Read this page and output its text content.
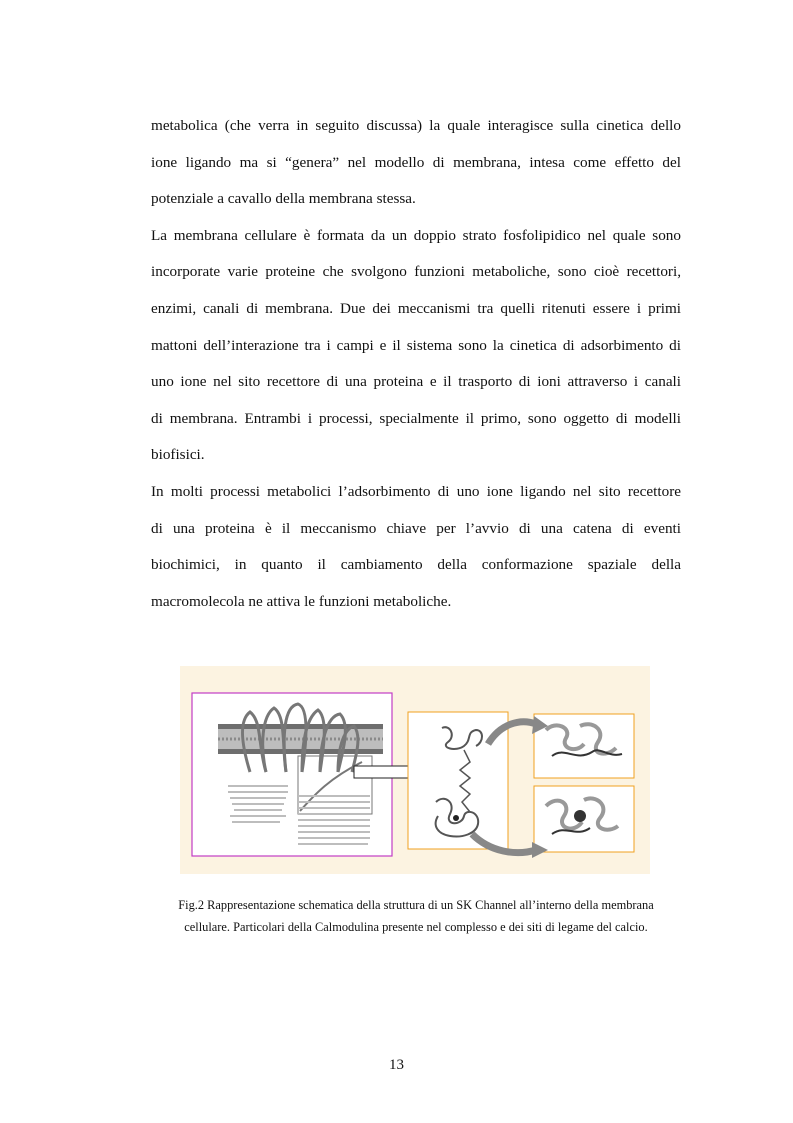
metabolica (che verra in seguito discussa) la quale interagisce sulla cinetica dello
ione ligando ma si “genera” nel modello di membrana, intesa come effetto del
potenziale a cavallo della membrana stessa.
La membrana cellulare è formata da un doppio strato fosfolipidico nel quale sono
incorporate varie proteine che svolgono funzioni metaboliche, sono cioè recettori,
enzimi, canali di membrana. Due dei meccanismi tra quelli ritenuti essere i primi
mattoni dell’interazione tra i campi e il sistema sono la cinetica di adsorbimento di
uno ione nel sito recettore di una proteina e il trasporto di ioni attraverso i canali
di membrana. Entrambi i processi, specialmente il primo, sono oggetto di modelli
biofisici.
In molti processi metabolici l’adsorbimento di uno ione ligando nel sito recettore
di una proteina è il meccanismo chiave per l’avvio di una catena di eventi
biochimici, in quanto il cambiamento della conformazione spaziale della
macromolecola ne attiva le funzioni metaboliche.
Fig.2 Rappresentazione schematica della struttura di un SK Channel all’interno della membrana
cellulare. Particolari della Calmodulina presente nel complesso e dei siti di legame del calcio.
13
